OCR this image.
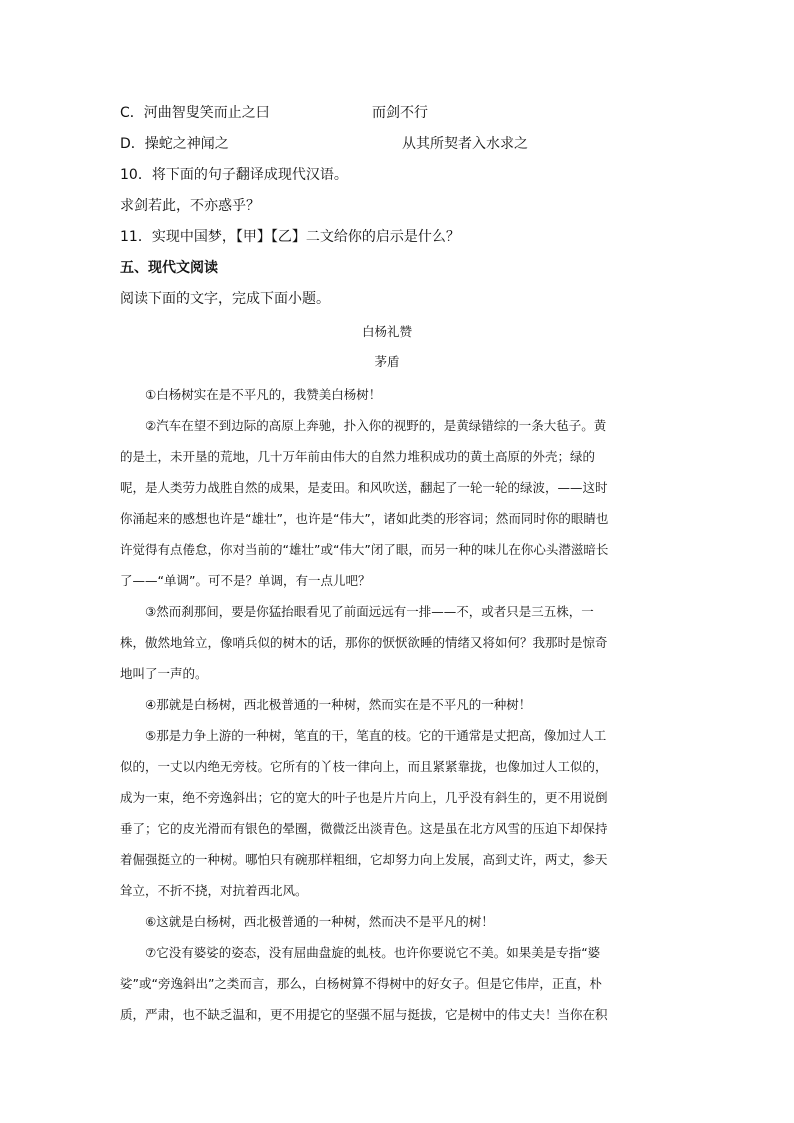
C．河曲智叟笑而止之曰	而剑不行
D．操蛇之神闻之	从其所契者入水求之
10．将下面的句子翻译成现代汉语。
求剑若此，不亦惑乎？
11．实现中国梦，【甲】【乙】二文给你的启示是什么？
五、现代文阅读
阅读下面的文字，完成下面小题。
白杨礼赞
茅盾
①白杨树实在是不平凡的，我赞美白杨树！
②汽车在望不到边际的高原上奔驰，扑入你的视野的，是黄绿错综的一条大毡子。黄
的是土，未开垦的荒地，几十万年前由伟大的自然力堆积成功的黄土高原的外壳；绿的
呢，是人类劳力战胜自然的成果，是麦田。和风吹送，翻起了一轮一轮的绿波，——这时
你涌起来的感想也许是“雄壮”，也许是“伟大”，诸如此类的形容词；然而同时你的眼睛也
许觉得有点倦怠，你对当前的“雄壮”或“伟大”闭了眼，而另一种的味儿在你心头潜滋暗长
了——“单调”。可不是？单调，有一点儿吧？
③然而刹那间，要是你猛抬眼看见了前面远远有一排——不，或者只是三五株，一
株，傲然地耸立，像哨兵似的树木的话，那你的恹恹欲睡的情绪又将如何？我那时是惊奇
地叫了一声的。
④那就是白杨树，西北极普通的一种树，然而实在是不平凡的一种树！
⑤那是力争上游的一种树，笔直的干，笔直的枝。它的干通常是丈把高，像加过人工
似的，一丈以内绝无旁枝。它所有的丫枝一律向上，而且紧紧靠拢，也像加过人工似的，
成为一束，绝不旁逸斜出；它的宽大的叶子也是片片向上，几乎没有斜生的，更不用说倒
垂了；它的皮光滑而有银色的晕圈，微微泛出淡青色。这是虽在北方风雪的压迫下却保持
着倔强挺立的一种树。哪怕只有碗那样粗细，它却努力向上发展，高到丈许，两丈，参天
耸立，不折不挠，对抗着西北风。
⑥这就是白杨树，西北极普通的一种树，然而决不是平凡的树！
⑦它没有婆娑的姿态，没有屈曲盘旋的虬枝。也许你要说它不美。如果美是专指“婆
娑”或“旁逸斜出”之类而言，那么，白杨树算不得树中的好女子。但是它伟岸，正直，朴
质，严肃，也不缺乏温和，更不用提它的坚强不屈与挺拔，它是树中的伟丈夫！当你在积
